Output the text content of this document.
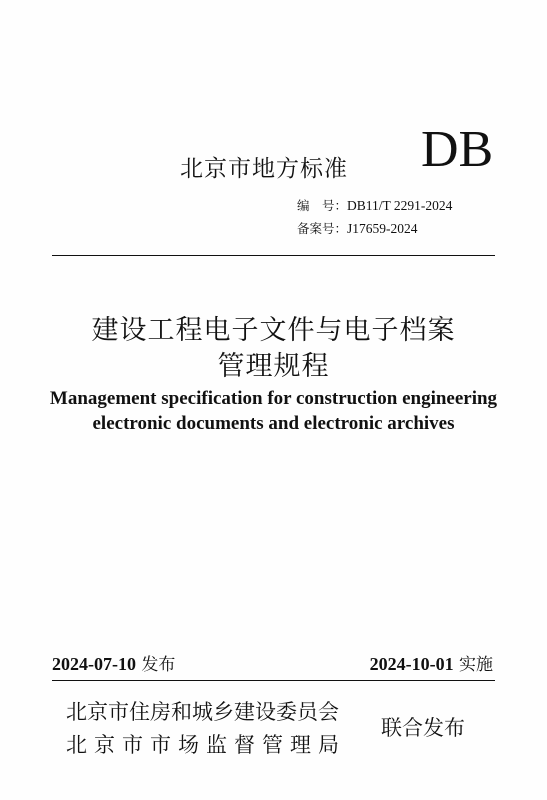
北京市地方标准 DB
编　号：DB11/T 2291-2024
备案号：J17659-2024
建设工程电子文件与电子档案
管理规程
Management specification for construction engineering electronic documents and electronic archives
2024-07-10 发布	2024-10-01 实施
北京市住房和城乡建设委员会
北京市市场监督管理局
联合发布
